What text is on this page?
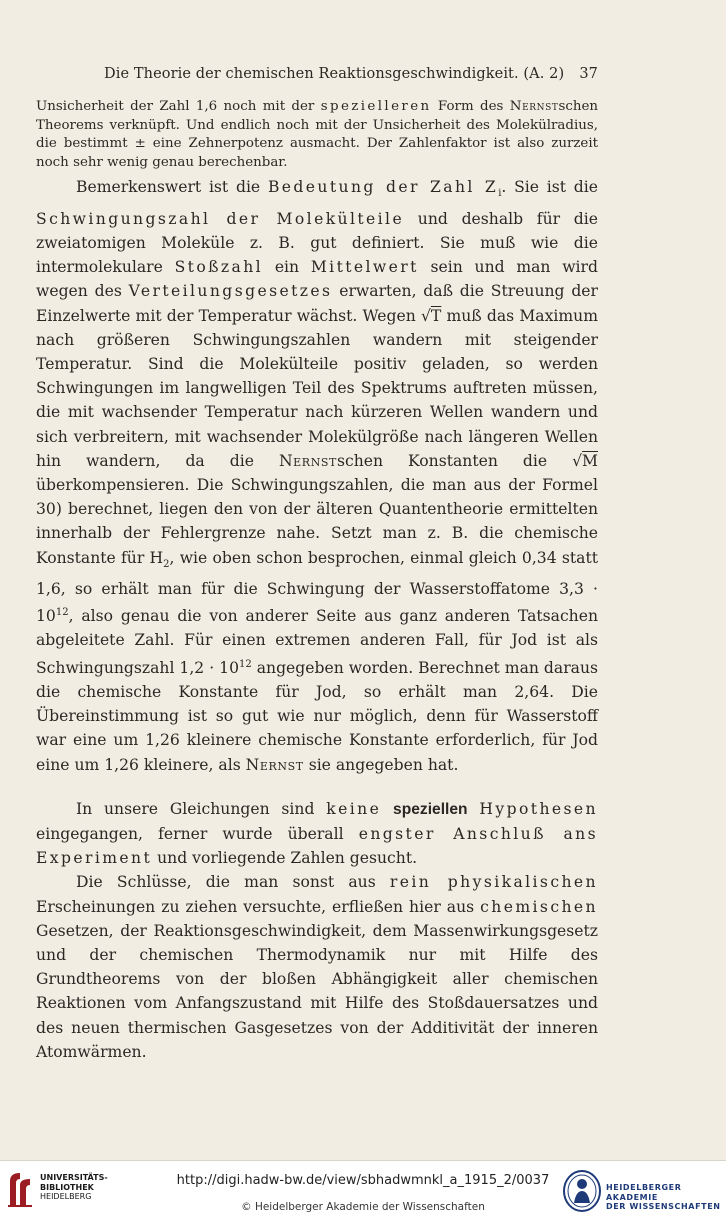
Die Theorie der chemischen Reaktionsgeschwindigkeit. (A. 2) 37

Unsicherheit der Zahl 1,6 noch mit der spezielleren Form des Nernstschen Theorems verknüpft. Und endlich noch mit der Unsicherheit des Molekülradius, die bestimmt ± eine Zehnerpotenz ausmacht. Der Zahlenfaktor ist also zurzeit noch sehr wenig genau berechenbar.

Bemerkenswert ist die Bedeutung der Zahl $Z_i$. Sie ist die Schwingungszahl der Molekülteile und deshalb für die zweiatomigen Moleküle z. B. gut definiert. Sie muß wie die intermolekulare Stoßzahl ein Mittelwert sein und man wird wegen des Verteilungsgesetzes erwarten, daß die Streuung der Einzelwerte mit der Temperatur wächst. Wegen √T muß das Maximum nach größeren Schwingungszahlen wandern mit steigender Temperatur. Sind die Molekülteile positiv geladen, so werden Schwingungen im langwelligen Teil des Spektrums auftreten müssen, die mit wachsender Temperatur nach kürzeren Wellen wandern und sich verbreitern, mit wachsender Molekülgröße nach längeren Wellen hin wandern, da die Nernstschen Konstanten die √M überkompensieren. Die Schwingungszahlen, die man aus der Formel 30) berechnet, liegen den von der älteren Quantentheorie ermittelten innerhalb der Fehlergrenze nahe. Setzt man z. B. die chemische Konstante für $H_2$, wie oben schon besprochen, einmal gleich 0,34 statt 1,6, so erhält man für die Schwingung der Wasserstoffatome $3,3 \cdot 10^{12}$, also genau die von anderer Seite aus ganz anderen Tatsachen abgeleitete Zahl. Für einen extremen anderen Fall, für Jod ist als Schwingungszahl $1,2 \cdot 10^{12}$ angegeben worden. Berechnet man daraus die chemische Konstante für Jod, so erhält man 2,64. Die Übereinstimmung ist so gut wie nur möglich, denn für Wasserstoff war eine um 1,26 kleinere chemische Konstante erforderlich, für Jod eine um 1,26 kleinere, als Nernst sie angegeben hat.

In unsere Gleichungen sind keine speziellen Hypothesen eingegangen, ferner wurde überall engster Anschluß ans Experiment und vorliegende Zahlen gesucht.

Die Schlüsse, die man sonst aus rein physikalischen Erscheinungen zu ziehen versuchte, erfließen hier aus chemischen Gesetzen, der Reaktionsgeschwindigkeit, dem Massenwirkungsgesetz und der chemischen Thermodynamik nur mit Hilfe des Grundtheorems von der bloßen Abhängigkeit aller chemischen Reaktionen vom Anfangszustand mit Hilfe des Stoßdauersatzes und des neuen thermischen Gasgesetzes von der Additivität der inneren Atomwärmen.

UNIVERSITÄTS-
BIBLIOTHEK
HEIDELBERG
http://digi.hadw-bw.de/view/sbhadwmnkl_a_1915_2/0037
© Heidelberger Akademie der Wissenschaften
HEIDELBERGER AKADEMIE
DER WISSENSCHAFTEN
